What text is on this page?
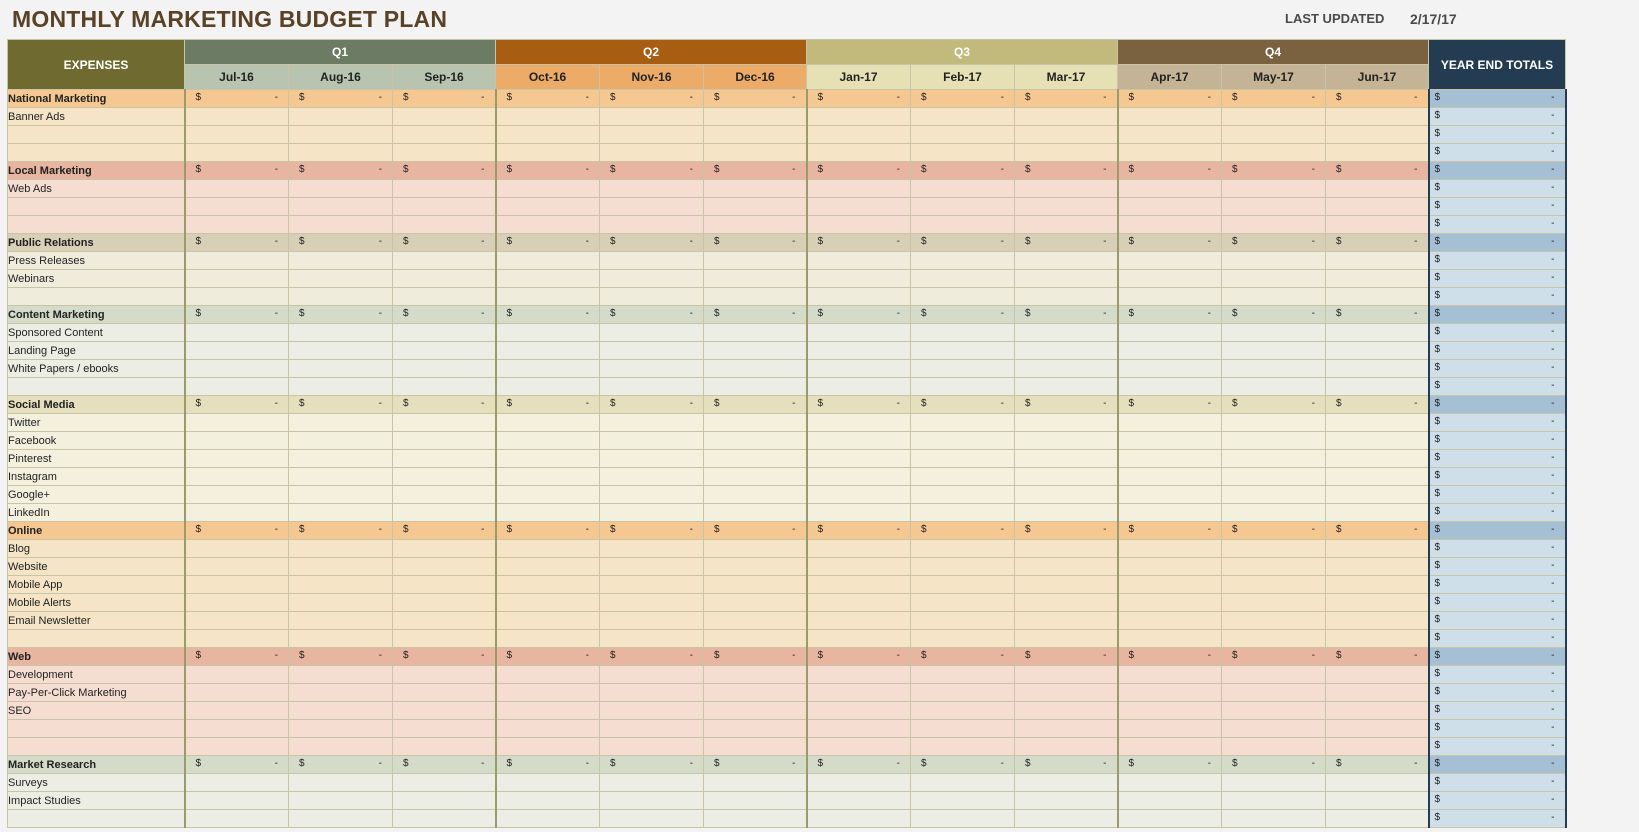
MONTHLY MARKETING BUDGET PLAN	LAST UPDATED 2/17/17
EXPENSES	Q1			Q2			Q3			Q4			YEAR END TOTALS
	Jul-16	Aug-16	Sep-16	Oct-16	Nov-16	Dec-16	Jan-17	Feb-17	Mar-17	Apr-17	May-17	Jun-17	
National Marketing	$ -	$ -	$ -	$ -	$ -	$ -	$ -	$ -	$ -	$ -	$ -	$ -	$ -

Banner Ads													$ -

													$ -

													$ -

Local Marketing	$ -	$ -	$ -	$ -	$ -	$ -	$ -	$ -	$ -	$ -	$ -	$ -	$ -

Web Ads													$ -

													$ -

													$ -

Public Relations	$ -	$ -	$ -	$ -	$ -	$ -	$ -	$ -	$ -	$ -	$ -	$ -	$ -

Press Releases													$ -

Webinars													$ -

													$ -

Content Marketing	$ -	$ -	$ -	$ -	$ -	$ -	$ -	$ -	$ -	$ -	$ -	$ -	$ -

Sponsored Content													$ -

Landing Page													$ -

White Papers / ebooks													$ -

													$ -

Social Media	$ -	$ -	$ -	$ -	$ -	$ -	$ -	$ -	$ -	$ -	$ -	$ -	$ -

Twitter													$ -

Facebook													$ -

Pinterest													$ -

Instagram													$ -

Google+													$ -

LinkedIn													$ -

Online	$ -	$ -	$ -	$ -	$ -	$ -	$ -	$ -	$ -	$ -	$ -	$ -	$ -

Blog													$ -

Website													$ -

Mobile App													$ -

Mobile Alerts													$ -

Email Newsletter													$ -

													$ -

Web	$ -	$ -	$ -	$ -	$ -	$ -	$ -	$ -	$ -	$ -	$ -	$ -	$ -

Development													$ -

Pay-Per-Click Marketing													$ -

SEO													$ -

													$ -

													$ -

Market Research	$ -	$ -	$ -	$ -	$ -	$ -	$ -	$ -	$ -	$ -	$ -	$ -	$ -

Surveys													$ -

Impact Studies													$ -

													$ -
